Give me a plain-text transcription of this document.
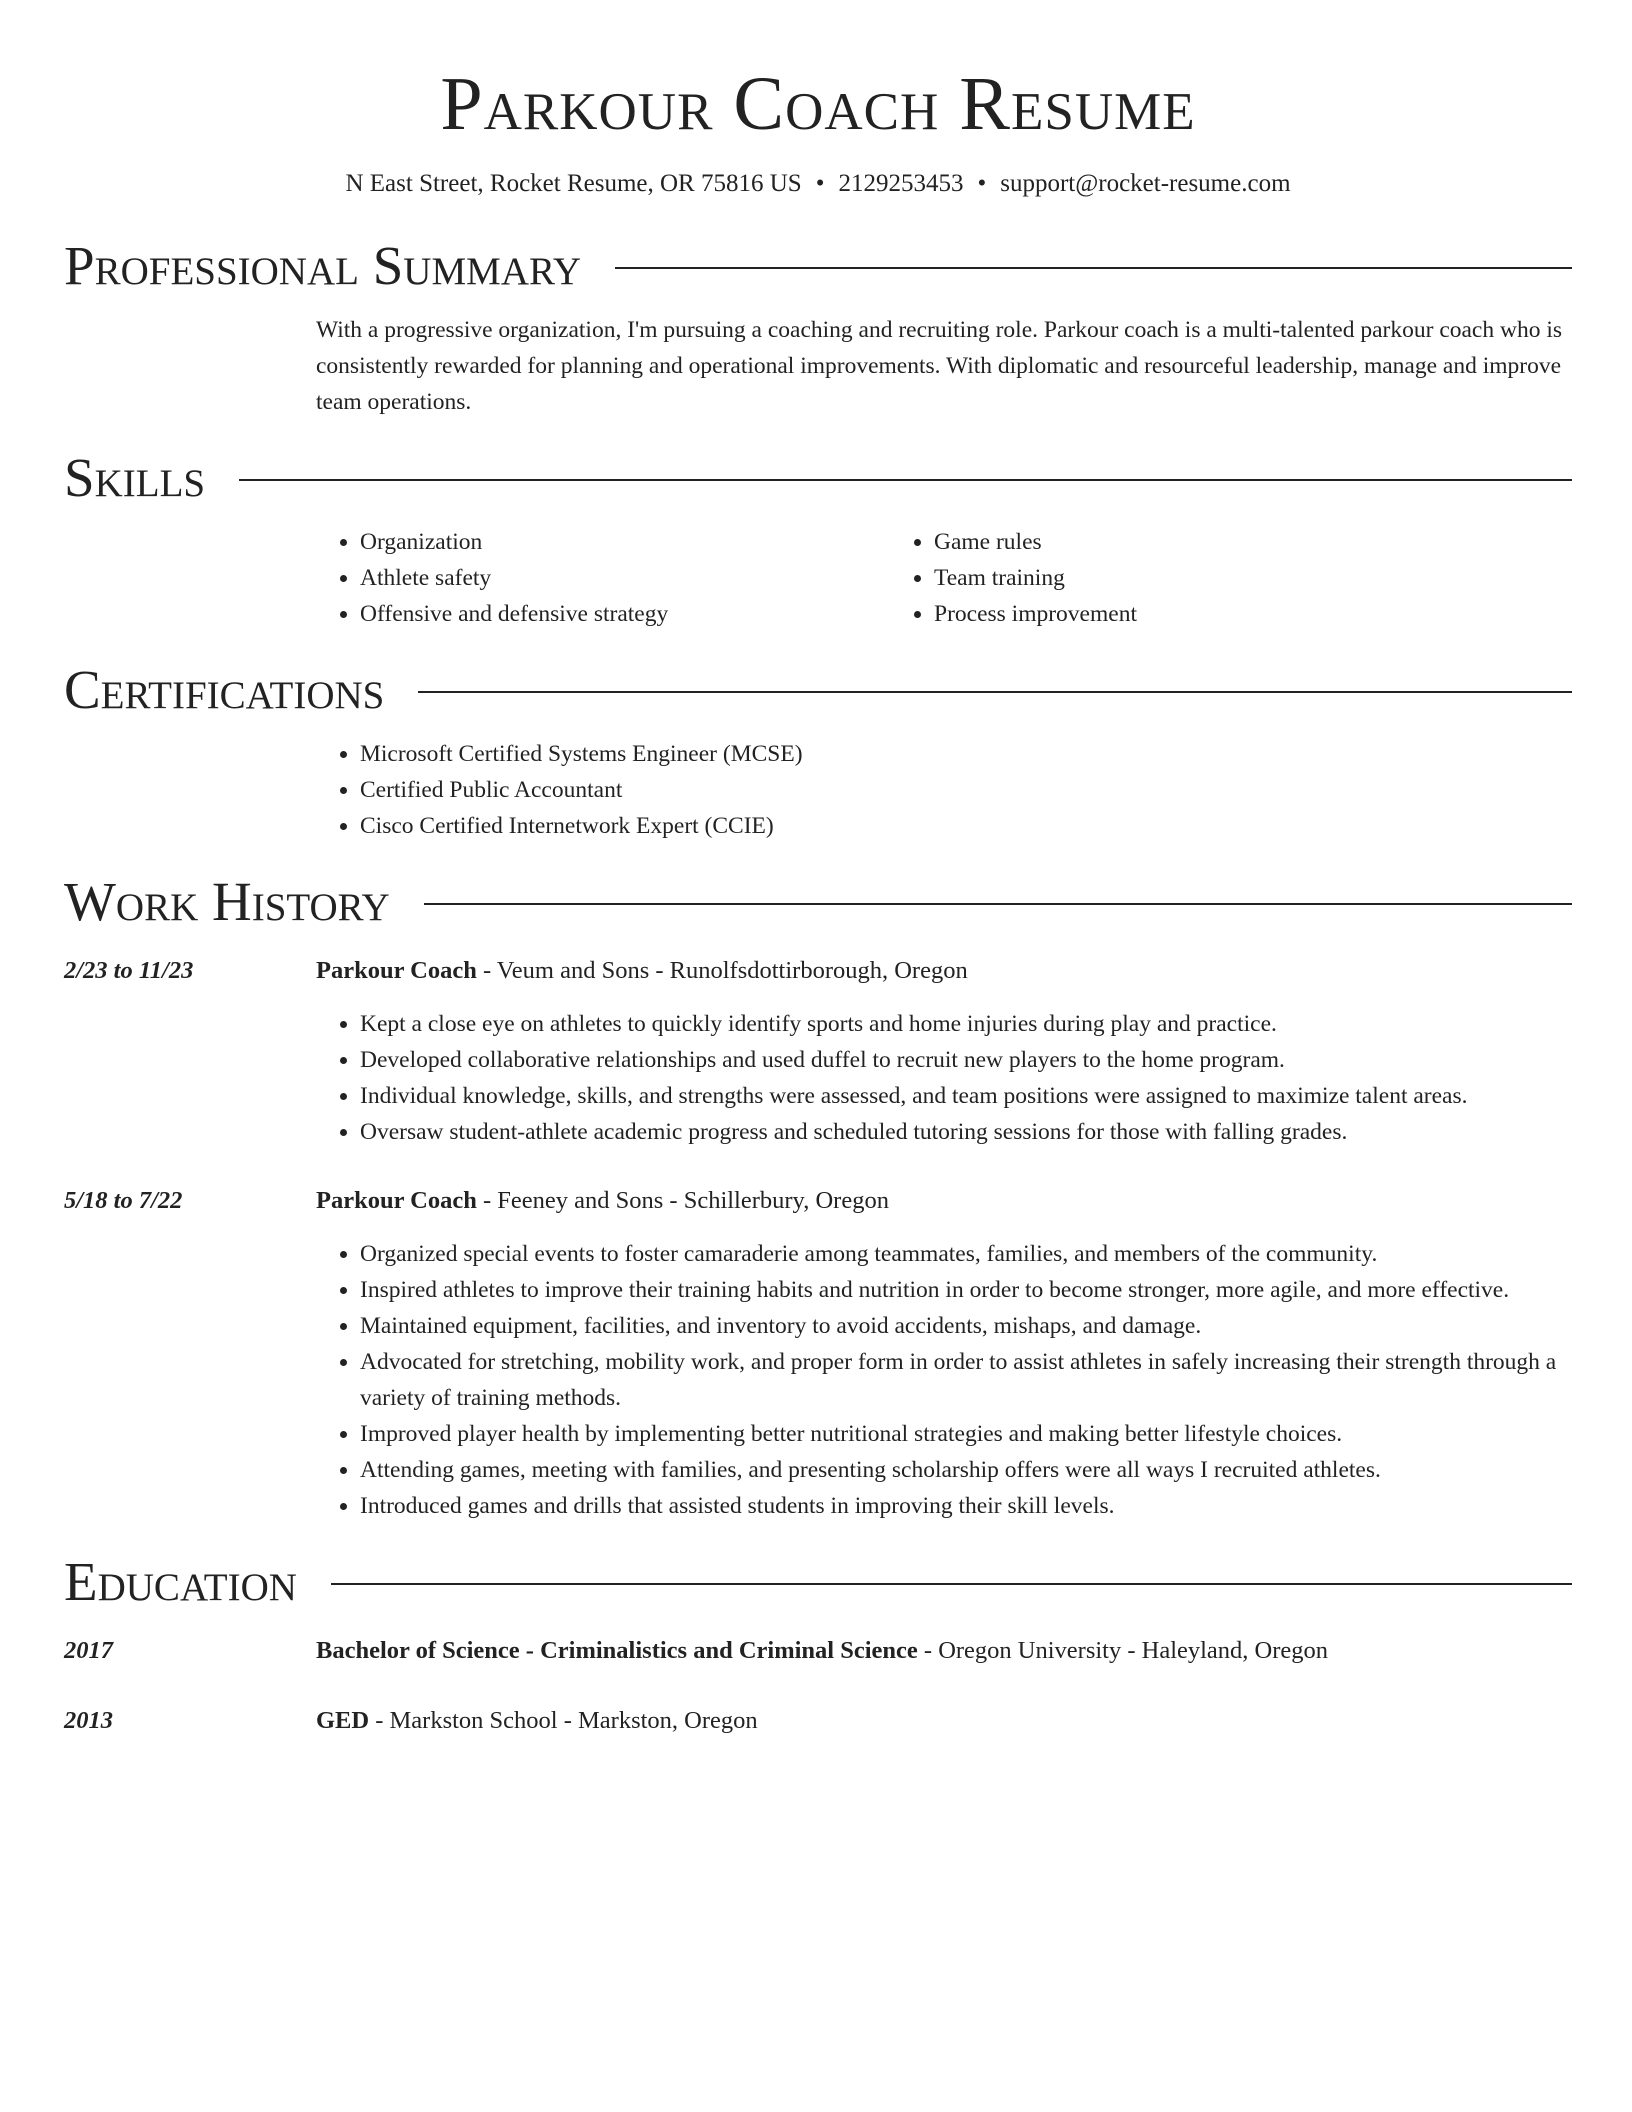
Parkour Coach Resume
N East Street, Rocket Resume, OR 75816 US • 2129253453 • support@rocket-resume.com
Professional Summary

With a progressive organization, I'm pursuing a coaching and recruiting role. Parkour coach is a multi-talented parkour coach who is consistently rewarded for planning and operational improvements. With diplomatic and resourceful leadership, manage and improve team operations.

Skills
• Organization
• Athlete safety
• Offensive and defensive strategy
• Game rules
• Team training
• Process improvement
Certifications
• Microsoft Certified Systems Engineer (MCSE)
• Certified Public Accountant
• Cisco Certified Internetwork Expert (CCIE)
Work History
2/23 to 11/23	Parkour Coach - Veum and Sons - Runolfsdottirborough, Oregon
• Kept a close eye on athletes to quickly identify sports and home injuries during play and practice.
• Developed collaborative relationships and used duffel to recruit new players to the home program.
• Individual knowledge, skills, and strengths were assessed, and team positions were assigned to maximize talent areas.
• Oversaw student-athlete academic progress and scheduled tutoring sessions for those with falling grades.
5/18 to 7/22	Parkour Coach - Feeney and Sons - Schillerbury, Oregon
• Organized special events to foster camaraderie among teammates, families, and members of the community.
• Inspired athletes to improve their training habits and nutrition in order to become stronger, more agile, and more effective.
• Maintained equipment, facilities, and inventory to avoid accidents, mishaps, and damage.
• Advocated for stretching, mobility work, and proper form in order to assist athletes in safely increasing their strength through a variety of training methods.
• Improved player health by implementing better nutritional strategies and making better lifestyle choices.
• Attending games, meeting with families, and presenting scholarship offers were all ways I recruited athletes.
• Introduced games and drills that assisted students in improving their skill levels.
Education
2017	Bachelor of Science - Criminalistics and Criminal Science - Oregon University - Haleyland, Oregon
2013	GED - Markston School - Markston, Oregon
